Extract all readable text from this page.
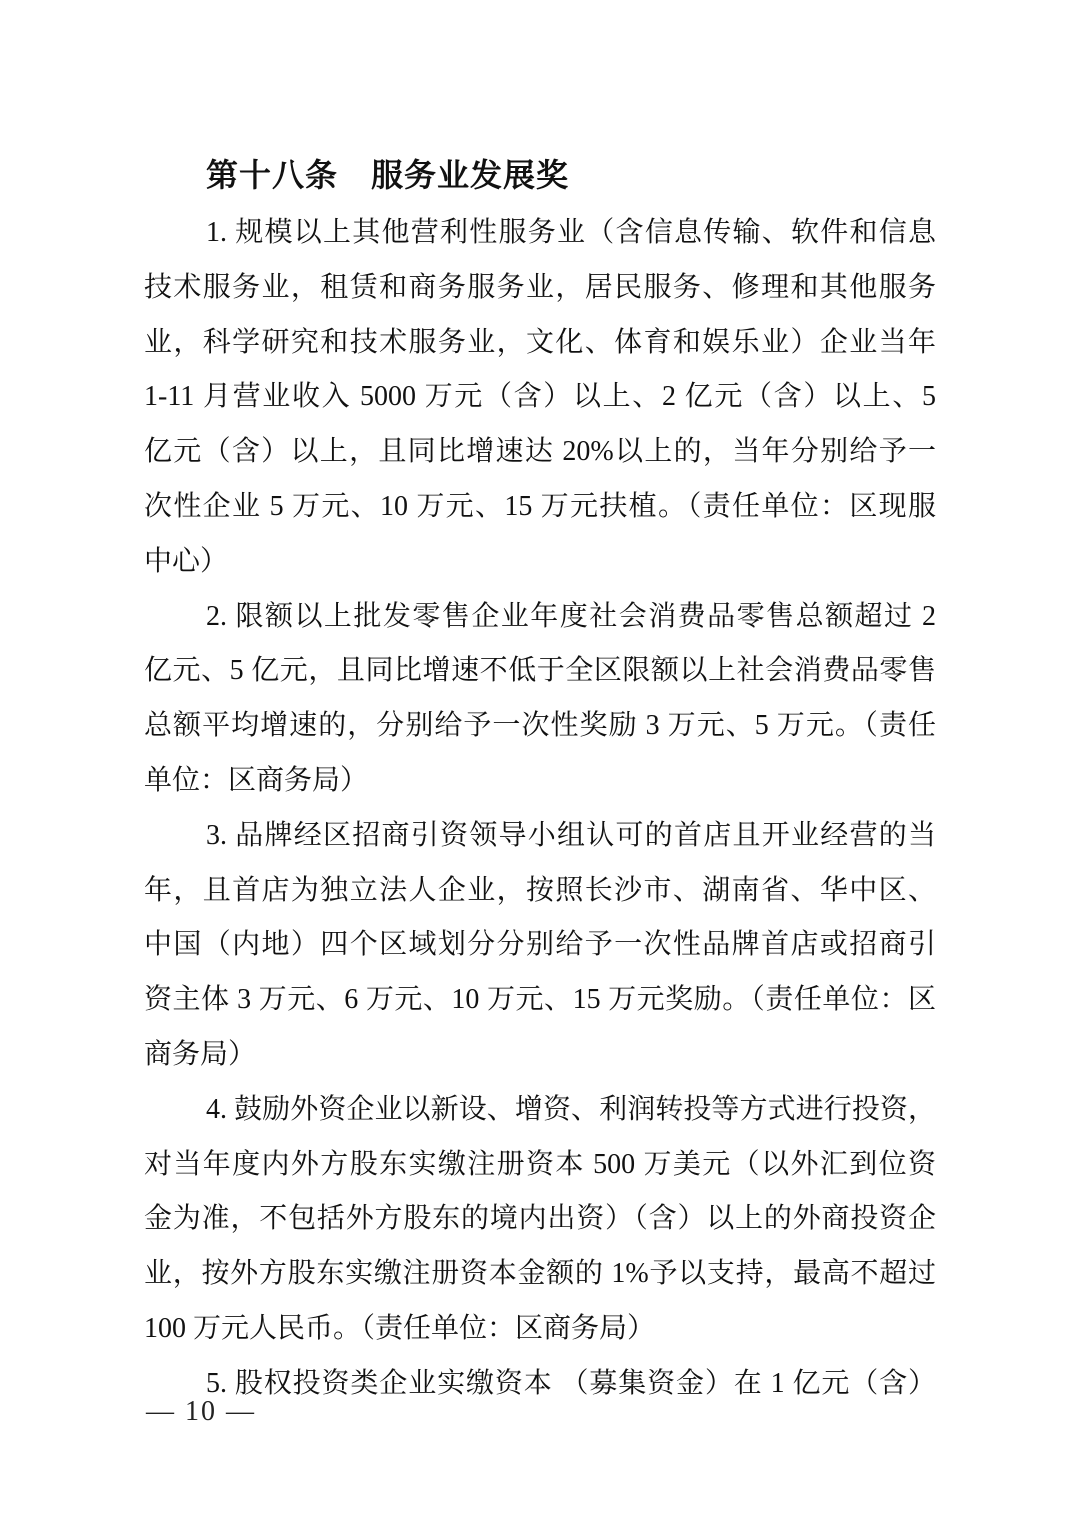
第十八条　服务业发展奖
1. 规模以上其他营利性服务业（含信息传输、软件和信息
技术服务业，租赁和商务服务业，居民服务、修理和其他服务
业，科学研究和技术服务业，文化、体育和娱乐业）企业当年
1-11 月营业收入 5000 万元（含）以上、2 亿元（含）以上、5
亿元（含）以上，且同比增速达 20%以上的，当年分别给予一
次性企业 5 万元、10 万元、15 万元扶植。（责任单位：区现服
中心）
2. 限额以上批发零售企业年度社会消费品零售总额超过 2
亿元、5 亿元，且同比增速不低于全区限额以上社会消费品零售
总额平均增速的，分别给予一次性奖励 3 万元、5 万元。（责任
单位：区商务局）
3. 品牌经区招商引资领导小组认可的首店且开业经营的当
年，且首店为独立法人企业，按照长沙市、湖南省、华中区、
中国（内地）四个区域划分分别给予一次性品牌首店或招商引
资主体 3 万元、6 万元、10 万元、15 万元奖励。（责任单位：区
商务局）
4. 鼓励外资企业以新设、增资、利润转投等方式进行投资，
对当年度内外方股东实缴注册资本 500 万美元（以外汇到位资
金为准，不包括外方股东的境内出资）（含）以上的外商投资企
业，按外方股东实缴注册资本金额的 1%予以支持，最高不超过
100 万元人民币。（责任单位：区商务局）
5. 股权投资类企业实缴资本 （募集资金）在 1 亿元（含）
— 10 —
